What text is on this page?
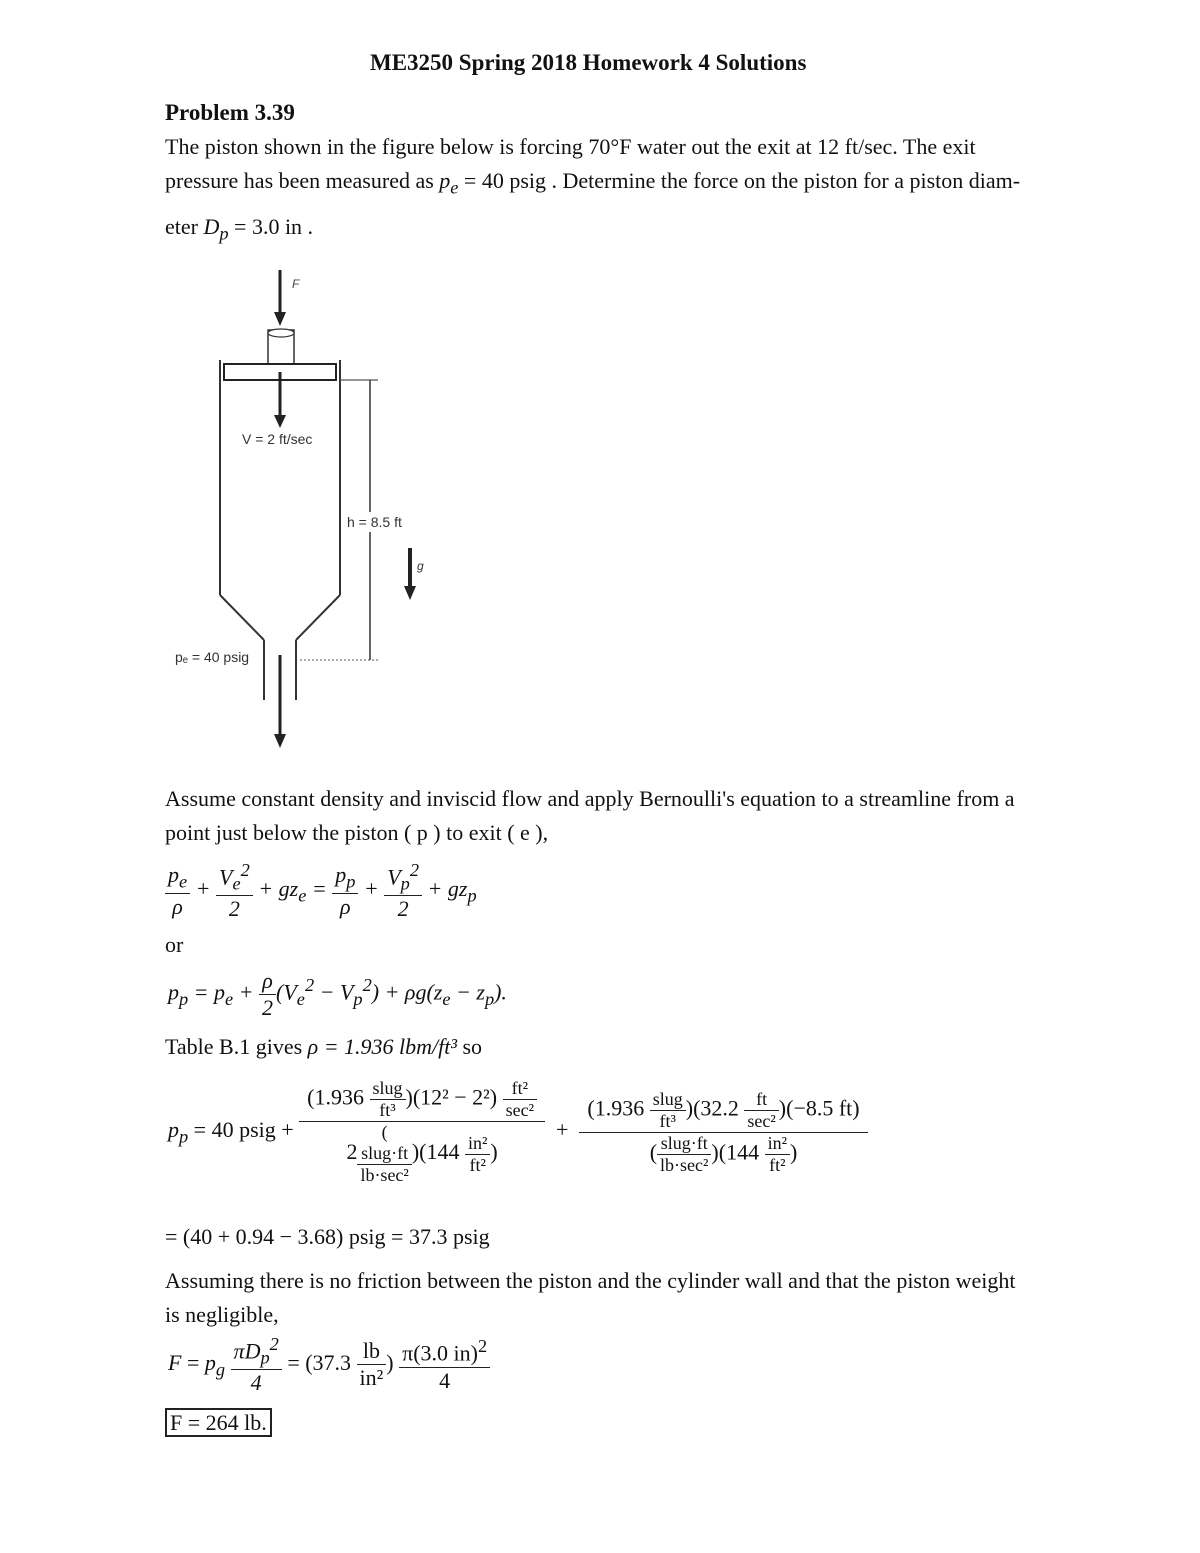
ME3250 Spring 2018 Homework 4 Solutions
Problem 3.39
The piston shown in the figure below is forcing 70°F water out the exit at 12 ft/sec. The exit
pressure has been measured as $p_e = 40$ psig . Determine the force on the piston for a piston diam-
eter $D_p = 3.0$ in .
F
V = 2 ft/sec
h = 8.5 ft
g
pₑ = 40 psig
Assume constant density and inviscid flow and apply Bernoulli's equation to a streamline from a
point just below the piston ( p ) to exit ( e ),
$\frac{p_e}{\rho} + \frac{V_e^2}{2} + gz_e = \frac{p_p}{\rho} + \frac{V_p^2}{2} + gz_p$
or
$p_p = p_e + \frac{\rho}{2} (V_e^2 - V_p^2) + \rho g(z_e - z_p)$.
Table B.1 gives ρ = 1.936 lbm/ft³ so
$p_p = 40$ psig + $(1.936 \frac{\text{slug}}{\text{ft³}} )(12^2 - 2^2) \frac{\text{ft²}}{\text{sec²}}$
2(
slug·ft
lb·sec²
)($144 \frac{\text{in²}}{\text{ft²}}$ ) + $\frac{(1.936 \frac{\text{slug}}{\text{ft³}} )(32.2 \frac{ft}{\text{sec²}} )(-8.5 ft)}{( \frac{\text{slug·ft}}{\text{lb·sec²}} )(144 \frac{\text{in²}}{\text{ft²}} )}$
= (40 + 0.94 − 3.68) psig = 37.3 psig
Assuming there is no friction between the piston and the cylinder wall and that the piston weight
is negligible,
$F = p_g \frac{\pi D_p^2}{4} = (37.3 \frac{lb}{\text{in²}}$ ) $\frac{\pi(3.0 in)^2}{4}$
F = 264 lb.
